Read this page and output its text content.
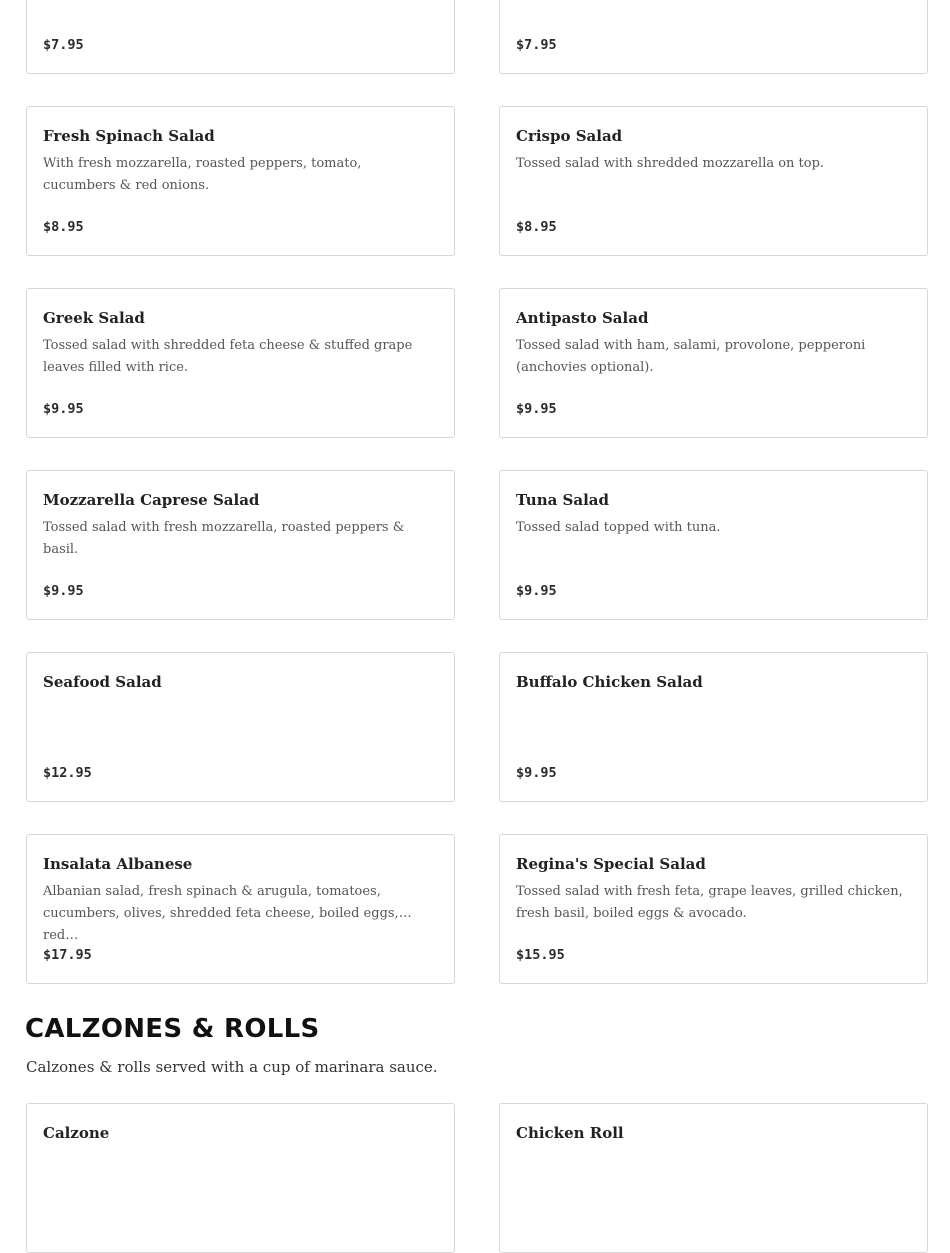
$7.95	$7.95

Fresh Spinach Salad

With fresh mozzarella, roasted peppers, tomato, cucumbers & red onions.

$8.95

Crispo Salad

Tossed salad with shredded mozzarella on top.

$8.95

Greek Salad

Tossed salad with shredded feta cheese & stuffed grape leaves filled with rice.

$9.95

Antipasto Salad

Tossed salad with ham, salami, provolone, pepperoni (anchovies optional).

$9.95

Mozzarella Caprese Salad

Tossed salad with fresh mozzarella, roasted peppers & basil.

$9.95

Tuna Salad

Tossed salad topped with tuna.

$9.95

Seafood Salad

$12.95

Buffalo Chicken Salad

$9.95

Insalata Albanese

Albanian salad, fresh spinach & arugula, tomatoes, cucumbers, olives, shredded feta cheese, boiled eggs, red…

$17.95

Regina's Special Salad

Tossed salad with fresh feta, grape leaves, grilled chicken, fresh basil, boiled eggs & avocado.

$15.95

CALZONES & ROLLS

Calzones & rolls served with a cup of marinara sauce.

Calzone	Chicken Roll
